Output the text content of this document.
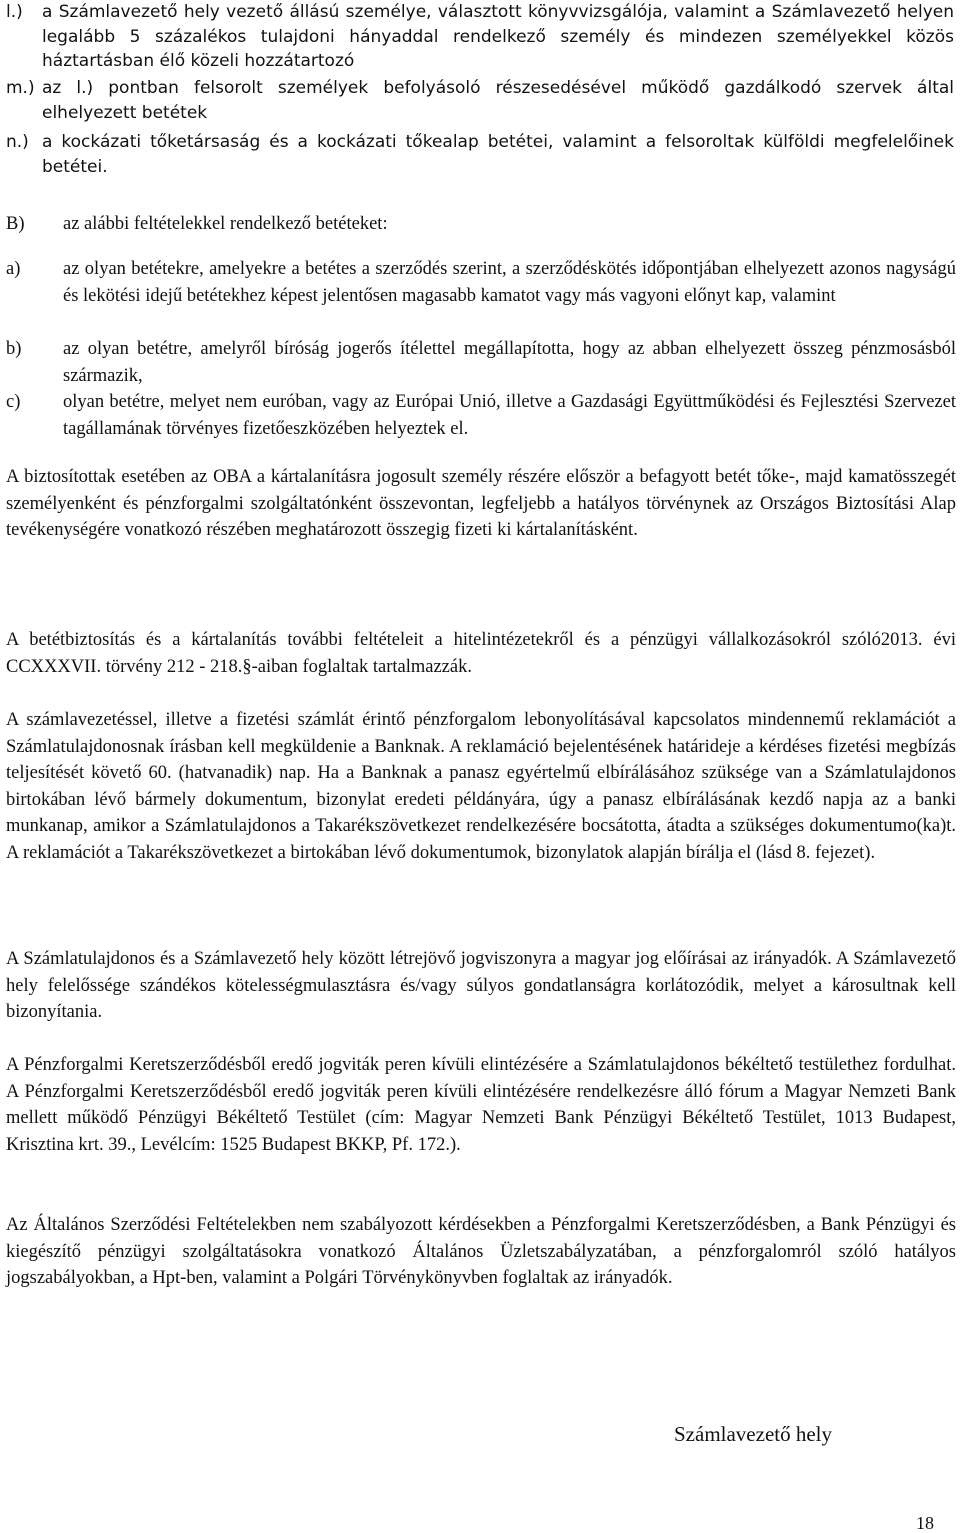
l.) a Számlavezető hely vezető állású személye, választott könyvvizsgálója, valamint a Számlavezető helyen legalább 5 százalékos tulajdoni hányaddal rendelkező személy és mindezen személyekkel közös háztartásban élő közeli hozzátartozó
m.) az l.) pontban felsorolt személyek befolyásoló részesedésével működő gazdálkodó szervek által elhelyezett betétek
n.) a kockázati tőketársaság és a kockázati tőkealap betétei, valamint a felsoroltak külföldi megfelelőinek betétei.
B) az alábbi feltételekkel rendelkező betéteket:
a) az olyan betétekre, amelyekre a betétes a szerződés szerint, a szerződéskötés időpontjában elhelyezett azonos nagyságú és lekötési idejű betétekhez képest jelentősen magasabb kamatot vagy más vagyoni előnyt kap, valamint
b) az olyan betétre, amelyről bíróság jogerős ítélettel megállapította, hogy az abban elhelyezett összeg pénzmosásból származik,
c) olyan betétre, melyet nem euróban, vagy az Európai Unió, illetve a Gazdasági Együttműködési és Fejlesztési Szervezet tagállamának törvényes fizetőeszközében helyeztek el.

A biztosítottak esetében az OBA a kártalanításra jogosult személy részére először a befagyott betét tőke-, majd kamatösszegét személyenként és pénzforgalmi szolgáltatónként összevontan, legfeljebb a hatályos törvénynek az Országos Biztosítási Alap tevékenységére vonatkozó részében meghatározott összegig fizeti ki kártalanításként.

A betétbiztosítás és a kártalanítás további feltételeit a hitelintézetekről és a pénzügyi vállalkozásokról szóló2013. évi CCXXXVII. törvény 212 - 218.§-aiban foglaltak tartalmazzák.

A számlavezetéssel, illetve a fizetési számlát érintő pénzforgalom lebonyolításával kapcsolatos mindennemű reklamációt a Számlatulajdonosnak írásban kell megküldenie a Banknak. A reklamáció bejelentésének határideje a kérdéses fizetési megbízás teljesítését követő 60. (hatvanadik) nap. Ha a Banknak a panasz egyértelmű elbírálásához szüksége van a Számlatulajdonos birtokában lévő bármely dokumentum, bizonylat eredeti példányára, úgy a panasz elbírálásának kezdő napja az a banki munkanap, amikor a Számlatulajdonos a Takarékszövetkezet rendelkezésére bocsátotta, átadta a szükséges dokumentumo(ka)t. A reklamációt a Takarékszövetkezet a birtokában lévő dokumentumok, bizonylatok alapján bírálja el (lásd 8. fejezet).

A Számlatulajdonos és a Számlavezető hely között létrejövő jogviszonyra a magyar jog előírásai az irányadók. A Számlavezető hely felelőssége szándékos kötelességmulasztásra és/vagy súlyos gondatlanságra korlátozódik, melyet a károsultnak kell bizonyítania.

A Pénzforgalmi Keretszerződésből eredő jogviták peren kívüli elintézésére a Számlatulajdonos békéltető testülethez fordulhat. A Pénzforgalmi Keretszerződésből eredő jogviták peren kívüli elintézésére rendelkezésre álló fórum a Magyar Nemzeti Bank mellett működő Pénzügyi Békéltető Testület (cím: Magyar Nemzeti Bank Pénzügyi Békéltető Testület, 1013 Budapest, Krisztina krt. 39., Levélcím: 1525 Budapest BKKP, Pf. 172.).

Az Általános Szerződési Feltételekben nem szabályozott kérdésekben a Pénzforgalmi Keretszerződésben, a Bank Pénzügyi és kiegészítő pénzügyi szolgáltatásokra vonatkozó Általános Üzletszabályzatában, a pénzforgalomról szóló hatályos jogszabályokban, a Hpt-ben, valamint a Polgári Törvénykönyvben foglaltak az irányadók.

Számlavezető hely
18
